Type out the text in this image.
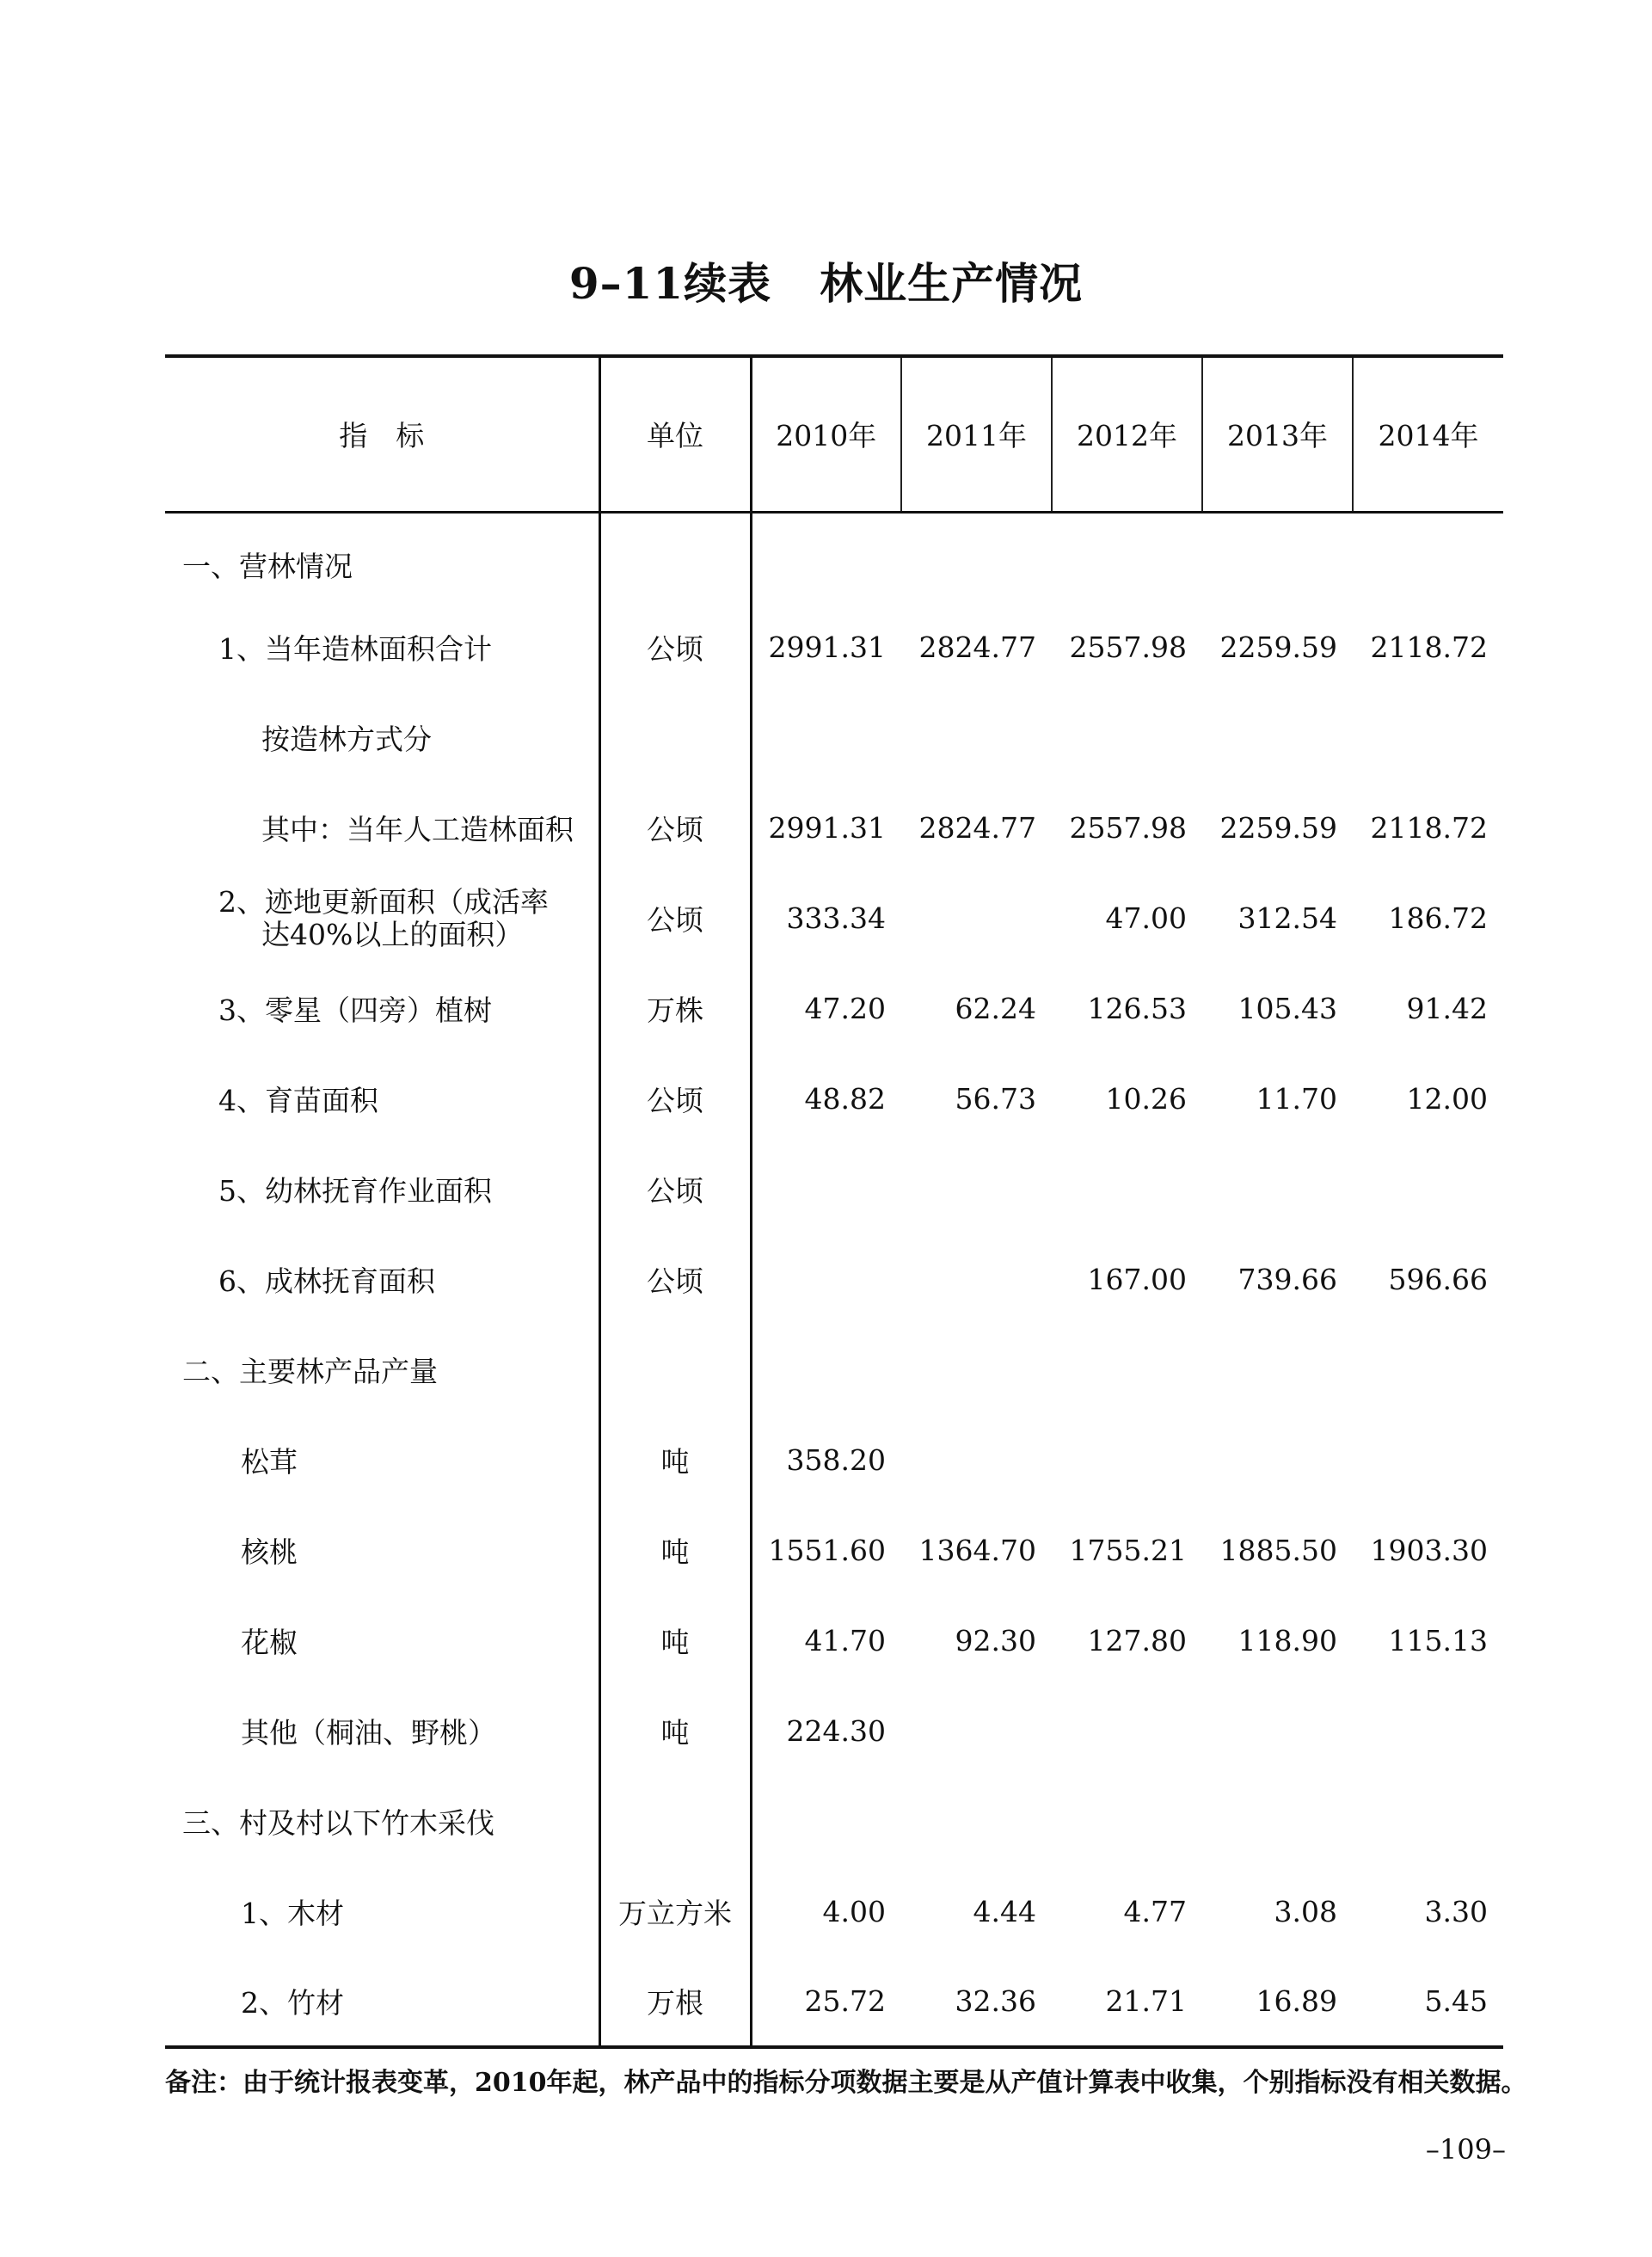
9–11续表 林业生产情况
指　标	单位	2010年	2011年	2012年	2013年	2014年
一、营林情况						
1、当年造林面积合计	公顷	2991.31	2824.77	2557.98	2259.59	2118.72
按造林方式分						
其中：当年人工造林面积	公顷	2991.31	2824.77	2557.98	2259.59	2118.72

2、迹地更新面积（成活率
达40%以上的面积）	公顷	333.34		47.00	312.54	186.72
3、零星（四旁）植树	万株	47.20	62.24	126.53	105.43	91.42
4、育苗面积	公顷	48.82	56.73	10.26	11.70	12.00
5、幼林抚育作业面积	公顷					
6、成林抚育面积	公顷			167.00	739.66	596.66
二、主要林产品产量						
松茸	吨	358.20				
核桃	吨	1551.60	1364.70	1755.21	1885.50	1903.30
花椒	吨	41.70	92.30	127.80	118.90	115.13
其他（桐油、野桃）	吨	224.30				
三、村及村以下竹木采伐						
1、木材	万立方米	4.00	4.44	4.77	3.08	3.30
2、竹材	万根	25.72	32.36	21.71	16.89	5.45
备注：由于统计报表变革，2010年起，林产品中的指标分项数据主要是从产值计算表中收集，个别指标没有相关数据。
–109–
